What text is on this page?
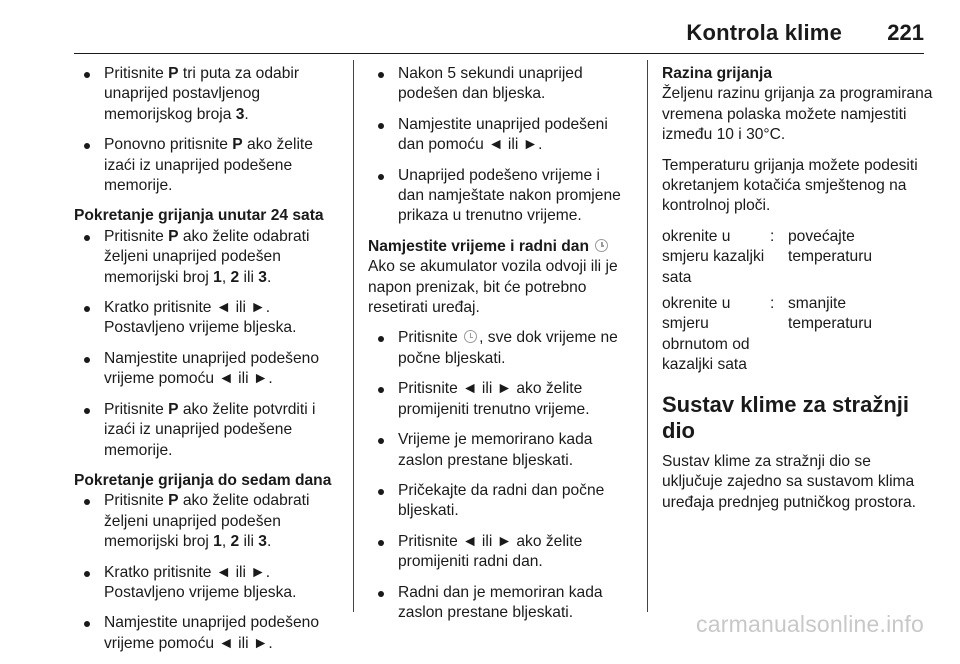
Kontrola klime 221
Pritisnite P tri puta za odabir unaprijed postavljenog memorijskog broja 3.
Ponovno pritisnite P ako želite izaći iz unaprijed podešene memorije.
Pokretanje grijanja unutar 24 sata
Pritisnite P ako želite odabrati željeni unaprijed podešen memorijski broj 1, 2 ili 3.
Kratko pritisnite ◄ ili ►. Postavljeno vrijeme bljeska.
Namjestite unaprijed podešeno vrijeme pomoću ◄ ili ►.
Pritisnite P ako želite potvrditi i izaći iz unaprijed podešene memorije.
Pokretanje grijanja do sedam dana
Pritisnite P ako želite odabrati željeni unaprijed podešen memorijski broj 1, 2 ili 3.
Kratko pritisnite ◄ ili ►. Postavljeno vrijeme bljeska.
Namjestite unaprijed podešeno vrijeme pomoću ◄ ili ►.
Nakon 5 sekundi unaprijed podešen dan bljeska.
Namjestite unaprijed podešeni dan pomoću ◄ ili ►.
Unaprijed podešeno vrijeme i dan namještate nakon promjene prikaza u trenutno vrijeme.
Namjestite vrijeme i radni dan
Ako se akumulator vozila odvoji ili je napon prenizak, bit će potrebno resetirati uređaj.
Pritisnite , sve dok vrijeme ne počne bljeskati.
Pritisnite ◄ ili ► ako želite promijeniti trenutno vrijeme.
Vrijeme je memorirano kada zaslon prestane bljeskati.
Pričekajte da radni dan počne bljeskati.
Pritisnite ◄ ili ► ako želite promijeniti radni dan.
Radni dan je memoriran kada zaslon prestane bljeskati.
Razina grijanja
Željenu razinu grijanja za programirana vremena polaska možete namjestiti između 10 i 30°C.
Temperaturu grijanja možete podesiti okretanjem kotačića smještenog na kontrolnoj ploči.
okrenite u smjeru kazaljki sata
: povećajte temperaturu
okrenite u smjeru obrnutom od kazaljki sata
: smanjite temperaturu
Sustav klime za stražnji dio
Sustav klime za stražnji dio se uključuje zajedno sa sustavom klima uređaja prednjeg putničkog prostora.
carmanualsonline.info
